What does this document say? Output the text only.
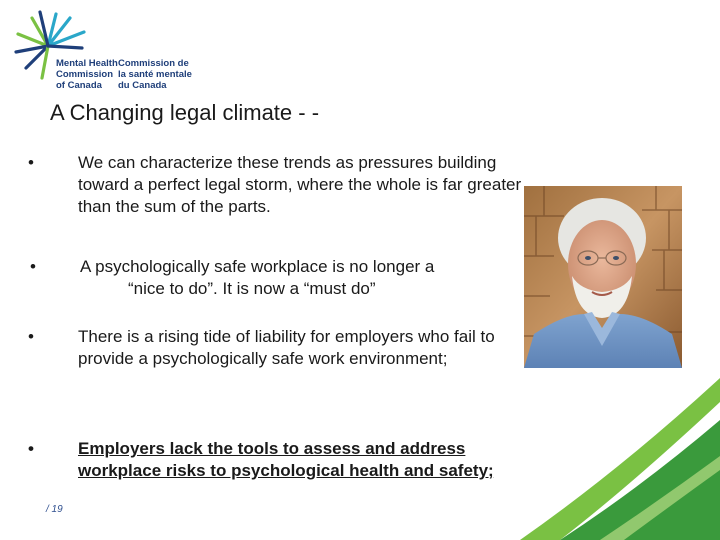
Mental Health
Commission
of Canada
Commission de
la santé mentale
du Canada
A Changing legal climate - -
•	We can characterize these trends as pressures building toward a perfect legal storm, where the whole is far greater than the sum of the parts.
•	A psychologically safe workplace is no longer a
“nice to do”. It is now a “must do”
•	There is a rising tide of liability for employers who fail to provide a psychologically safe work environment;
•	Employers lack the tools to assess and address workplace risks to psychological health and safety;
/ 19
